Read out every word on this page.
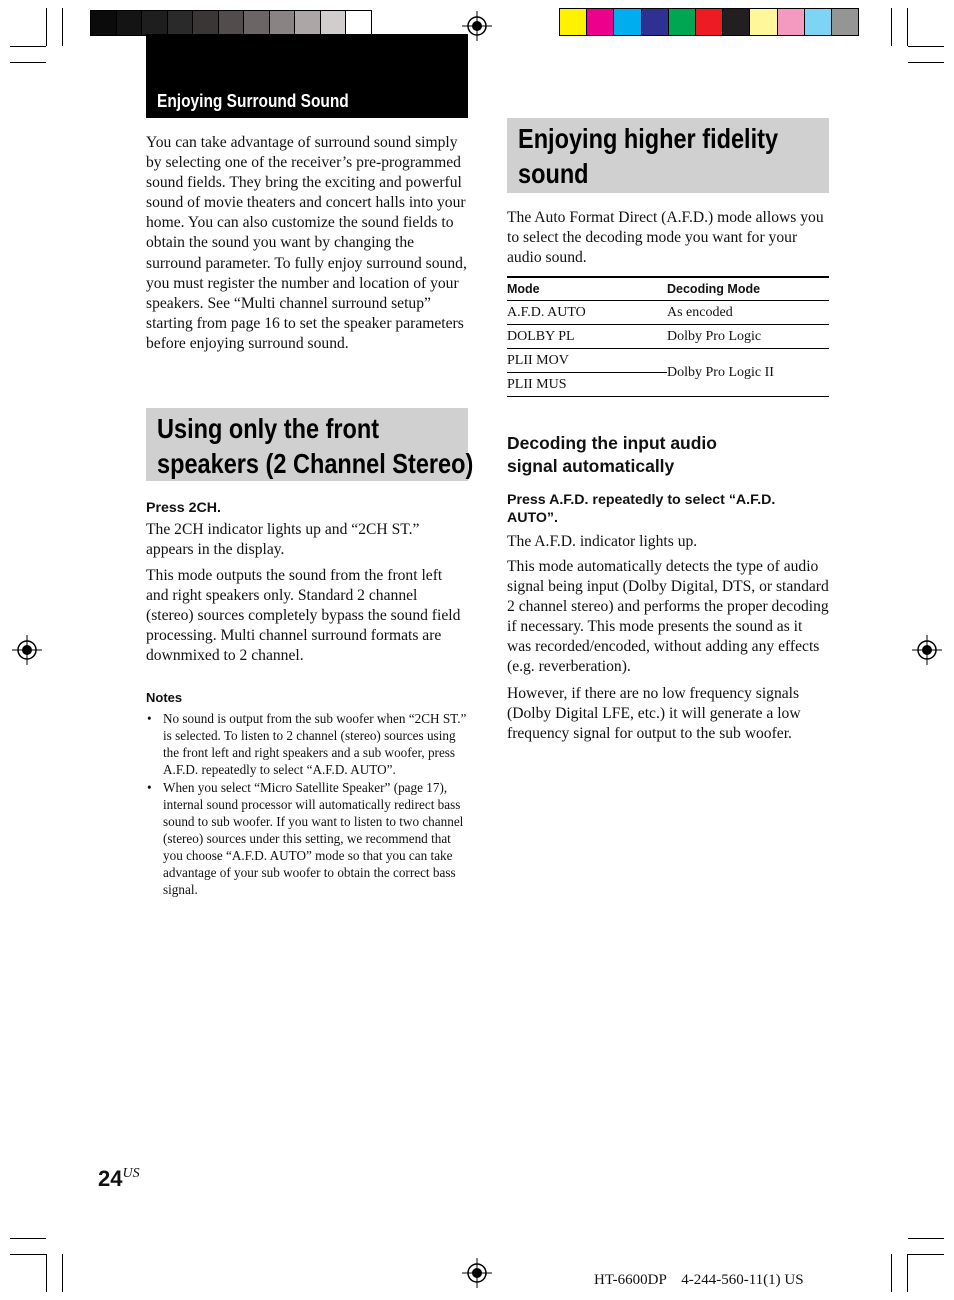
Enjoying Surround Sound

You can take advantage of surround sound simply by selecting one of the receiver’s pre-programmed sound fields. They bring the exciting and powerful sound of movie theaters and concert halls into your home. You can also customize the sound fields to obtain the sound you want by changing the surround parameter. To fully enjoy surround sound, you must register the number and location of your speakers. See “Multi channel surround setup” starting from page 16 to set the speaker parameters before enjoying surround sound.

Using only the front
speakers (2 Channel Stereo)
Press 2CH.

The 2CH indicator lights up and “2CH ST.” appears in the display.

This mode outputs the sound from the front left and right speakers only. Standard 2 channel (stereo) sources completely bypass the sound field processing. Multi channel surround formats are downmixed to 2 channel.

Notes
• No sound is output from the sub woofer when “2CH ST.” is selected. To listen to 2 channel (stereo) sources using the front left and right speakers and a sub woofer, press A.F.D. repeatedly to select “A.F.D. AUTO”.
• When you select “Micro Satellite Speaker” (page 17), internal sound processor will automatically redirect bass sound to sub woofer. If you want to listen to two channel (stereo) sources under this setting, we recommend that you choose “A.F.D. AUTO” mode so that you can take advantage of your sub woofer to obtain the correct bass signal.
Enjoying higher fidelity
sound

The Auto Format Direct (A.F.D.) mode allows you to select the decoding mode you want for your audio sound.

Mode	Decoding Mode
A.F.D. AUTO	As encoded
DOLBY PL	Dolby Pro Logic
PLII MOV	Dolby Pro Logic II
PLII MUS	
Decoding the input audio
signal automatically
Press A.F.D. repeatedly to select “A.F.D. AUTO”.

The A.F.D. indicator lights up.

This mode automatically detects the type of audio signal being input (Dolby Digital, DTS, or standard 2 channel stereo) and performs the proper decoding if necessary. This mode presents the sound as it was recorded/encoded, without adding any effects (e.g. reverberation).

However, if there are no low frequency signals (Dolby Digital LFE, etc.) it will generate a low frequency signal for output to the sub woofer.

$24^{US}$
HT-6600DP    4-244-560-11(1) US
